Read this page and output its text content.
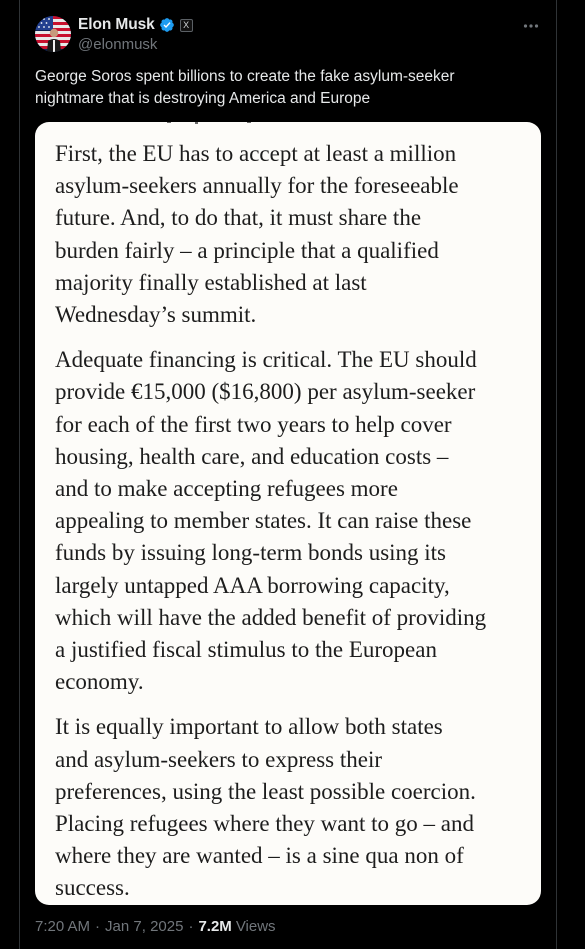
Elon Musk	X
@elonmusk
George Soros spent billions to create the fake asylum-seeker
nightmare that is destroying America and Europe

First, the EU has to accept at least a million
asylum-seekers annually for the foreseeable
future. And, to do that, it must share the
burden fairly – a principle that a qualified
majority finally established at last
Wednesday’s summit.

Adequate financing is critical. The EU should
provide €15,000 ($16,800) per asylum-seeker
for each of the first two years to help cover
housing, health care, and education costs –
and to make accepting refugees more
appealing to member states. It can raise these
funds by issuing long-term bonds using its
largely untapped AAA borrowing capacity,
which will have the added benefit of providing
a justified fiscal stimulus to the European
economy.

It is equally important to allow both states
and asylum-seekers to express their
preferences, using the least possible coercion.
Placing refugees where they want to go – and
where they are wanted – is a sine qua non of
success.

7:20 AM · Jan 7, 2025 · 7.2M Views
